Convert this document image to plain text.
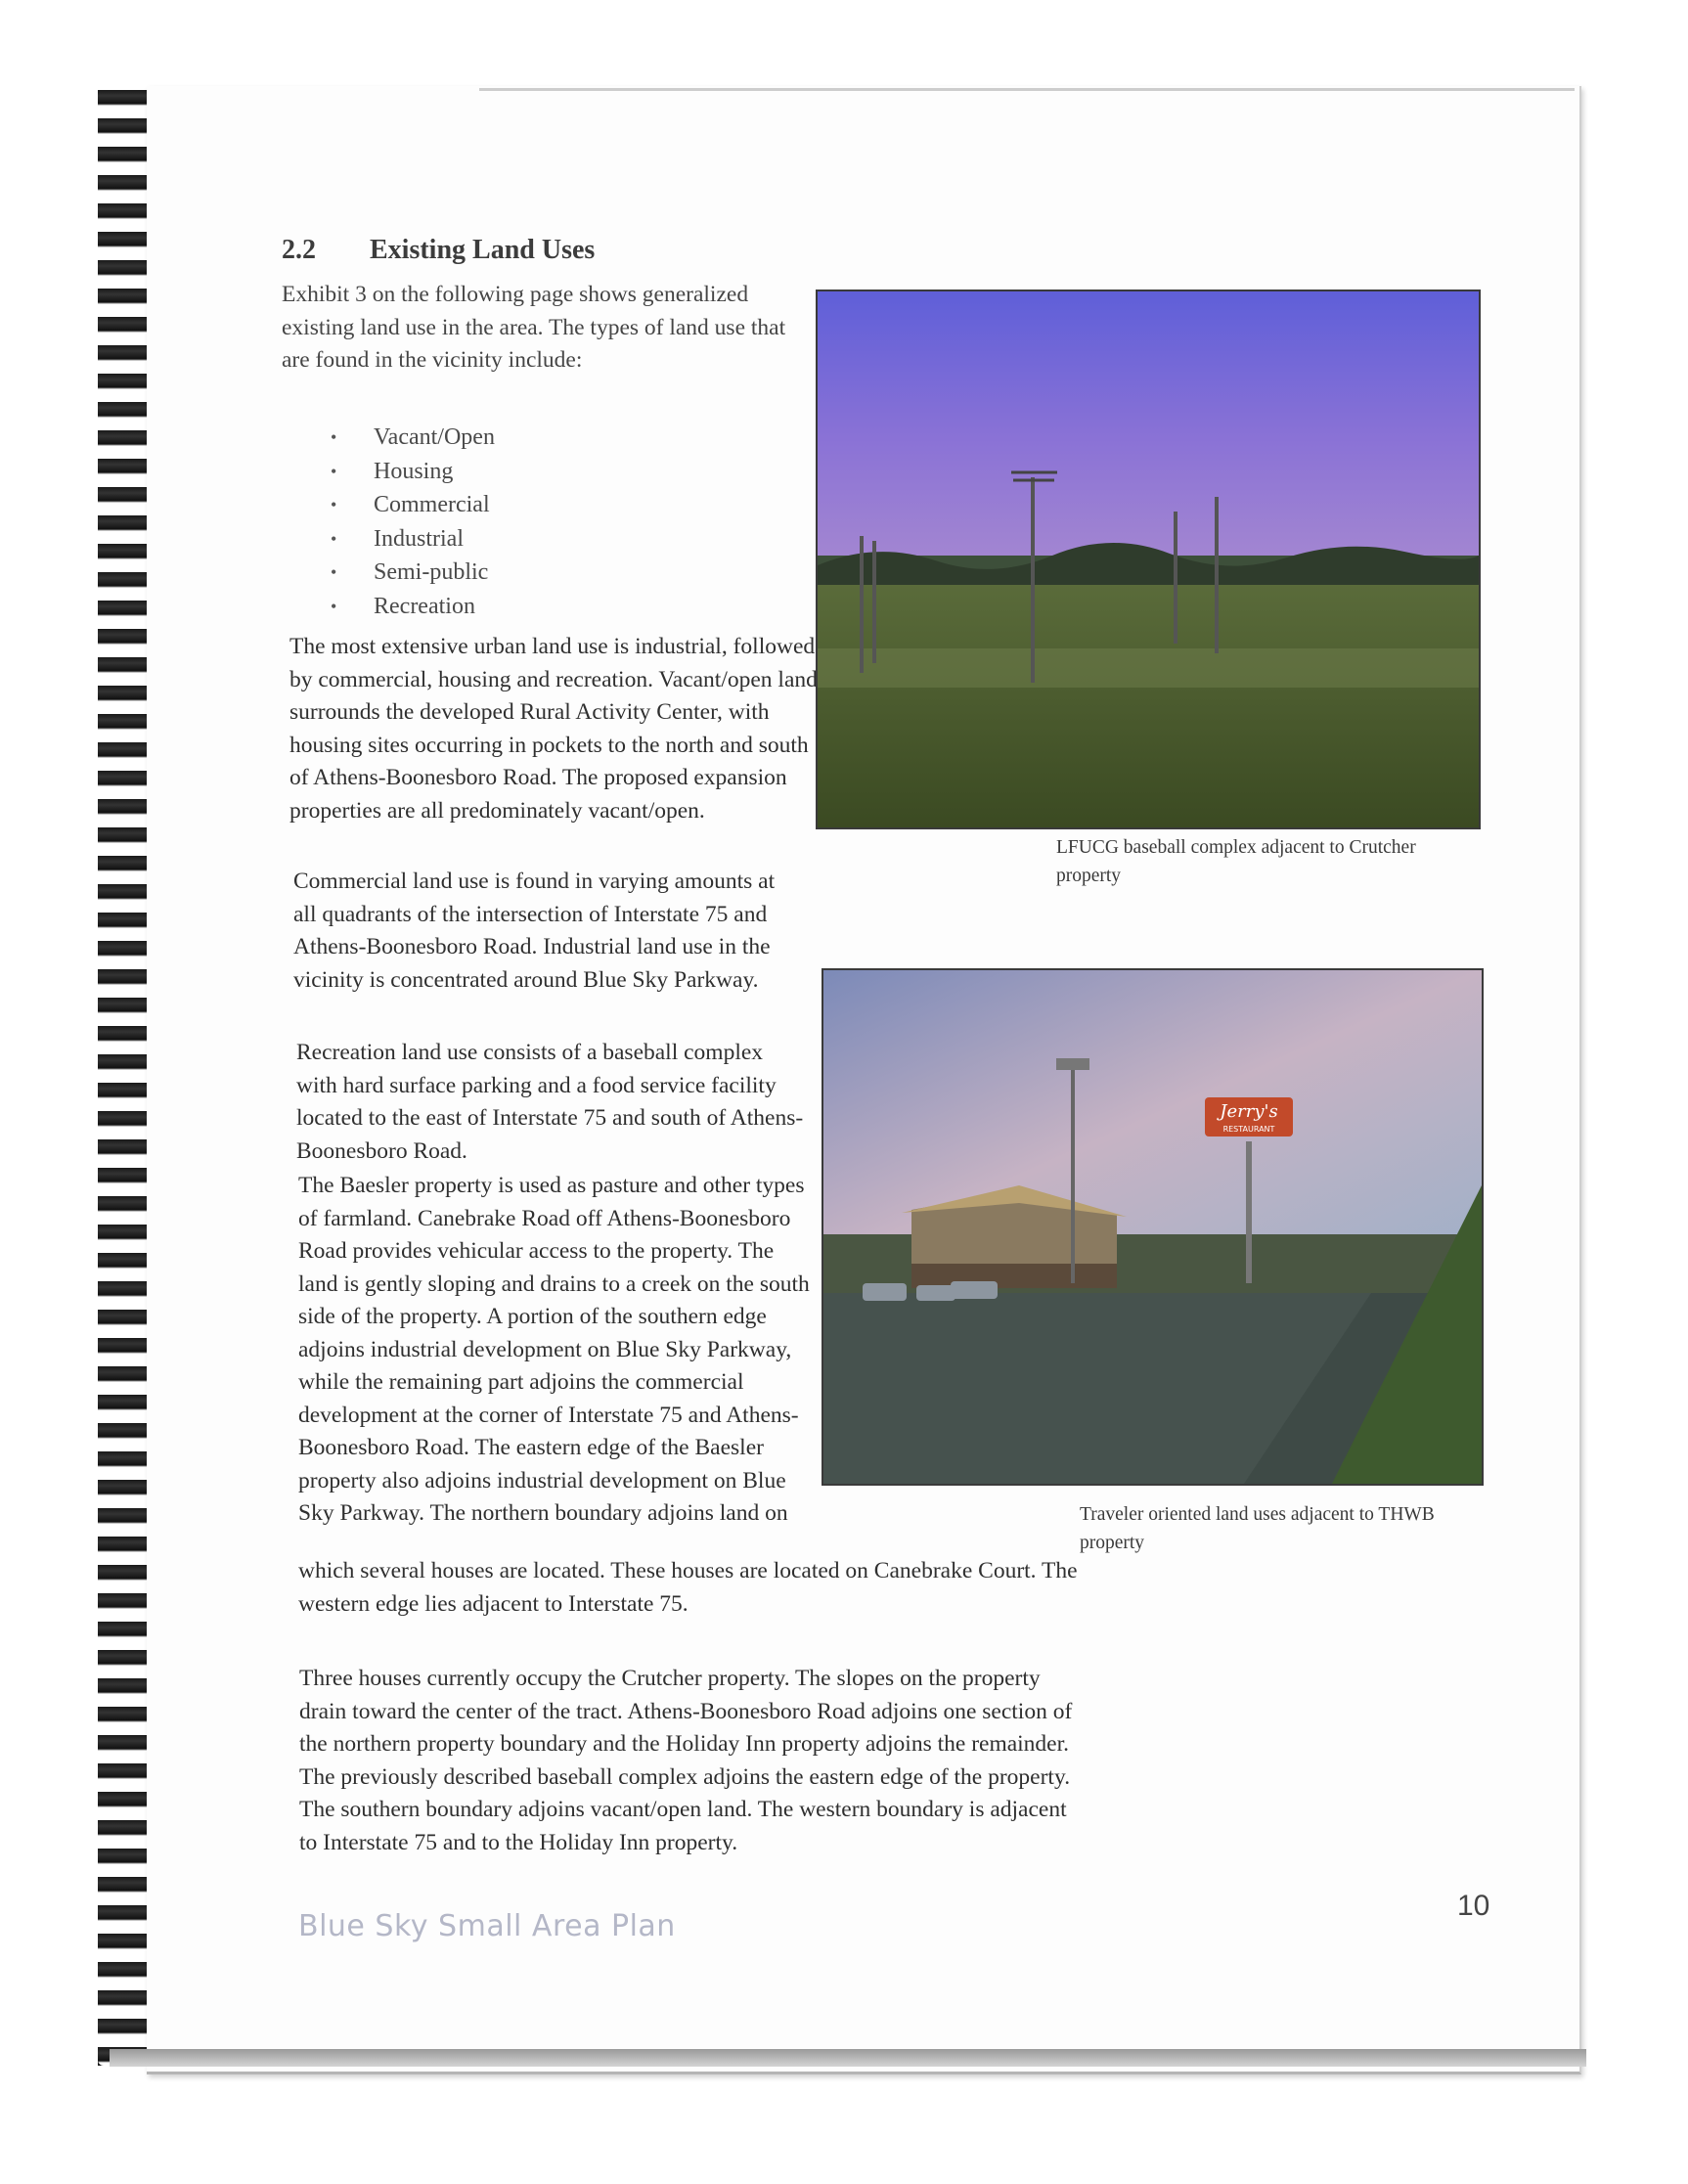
2.2 Existing Land Uses
Exhibit 3 on the following page shows generalized existing land use in the area. The types of land use that are found in the vicinity include:
• Vacant/Open
• Housing
• Commercial
• Industrial
• Semi-public
• Recreation
The most extensive urban land use is industrial, followed by commercial, housing and recreation. Vacant/open land surrounds the developed Rural Activity Center, with housing sites occurring in pockets to the north and south of Athens-Boonesboro Road. The proposed expansion properties are all predominately vacant/open.
Commercial land use is found in varying amounts at all quadrants of the intersection of Interstate 75 and Athens-Boonesboro Road. Industrial land use in the vicinity is concentrated around Blue Sky Parkway.
Recreation land use consists of a baseball complex with hard surface parking and a food service facility located to the east of Interstate 75 and south of Athens-Boonesboro Road.
The Baesler property is used as pasture and other types of farmland. Canebrake Road off Athens-Boonesboro Road provides vehicular access to the property. The land is gently sloping and drains to a creek on the south side of the property. A portion of the southern edge adjoins industrial development on Blue Sky Parkway, while the remaining part adjoins the commercial development at the corner of Interstate 75 and Athens-Boonesboro Road. The eastern edge of the Baesler property also adjoins industrial development on Blue Sky Parkway. The northern boundary adjoins land on
which several houses are located. These houses are located on Canebrake Court. The western edge lies adjacent to Interstate 75.
Three houses currently occupy the Crutcher property. The slopes on the property drain toward the center of the tract. Athens-Boonesboro Road adjoins one section of the northern property boundary and the Holiday Inn property adjoins the remainder. The previously described baseball complex adjoins the eastern edge of the property. The southern boundary adjoins vacant/open land. The western boundary is adjacent to Interstate 75 and to the Holiday Inn property.
LFUCG baseball complex adjacent to Crutcher property
Jerry's
RESTAURANT
Traveler oriented land uses adjacent to THWB property
Blue Sky Small Area Plan
10
